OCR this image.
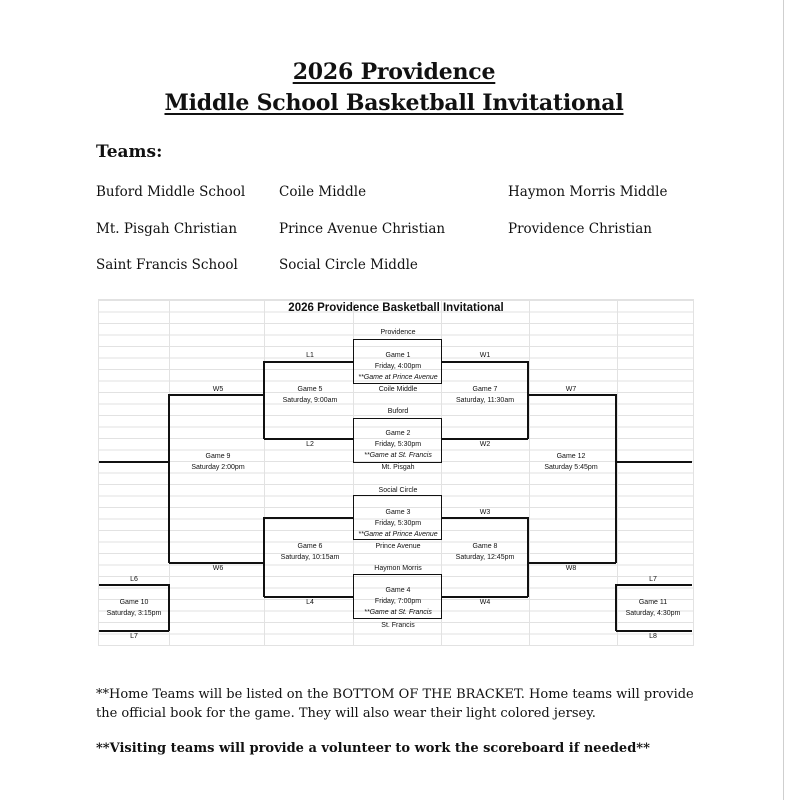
2026 Providence
Middle School Basketball Invitational
Teams:
Buford Middle School	Coile Middle	Haymon Morris Middle
Mt. Pisgah Christian	Prince Avenue Christian	Providence Christian
Saint Francis School	Social Circle Middle
2026 Providence Basketball Invitational
Providence
Coile Middle
Buford
Mt. Pisgah
Social Circle
Prince Avenue
Haymon Morris
St. Francis
Game 1
Friday, 4:00pm
**Game at Prince Avenue
Game 2
Friday, 5:30pm
**Game at St. Francis
Game 3
Friday, 5:30pm
**Game at Prince Avenue
Game 4
Friday, 7:00pm
**Game at St. Francis
Game 5
Saturday, 9:00am
Game 6
Saturday, 10:15am
Game 7
Saturday, 11:30am
Game 8
Saturday, 12:45pm
Game 9
Saturday 2:00pm
Game 12
Saturday 5:45pm
Game 10
Saturday, 3:15pm
Game 11
Saturday, 4:30pm
L1
L2
L4
W1
W2
W3
W4
W5
W6
W7
W8
L6
L7
L7
L8

**Home Teams will be listed on the BOTTOM OF THE BRACKET. Home teams will provide the official book for the game. They will also wear their light colored jersey.

**Visiting teams will provide a volunteer to work the scoreboard if needed**
